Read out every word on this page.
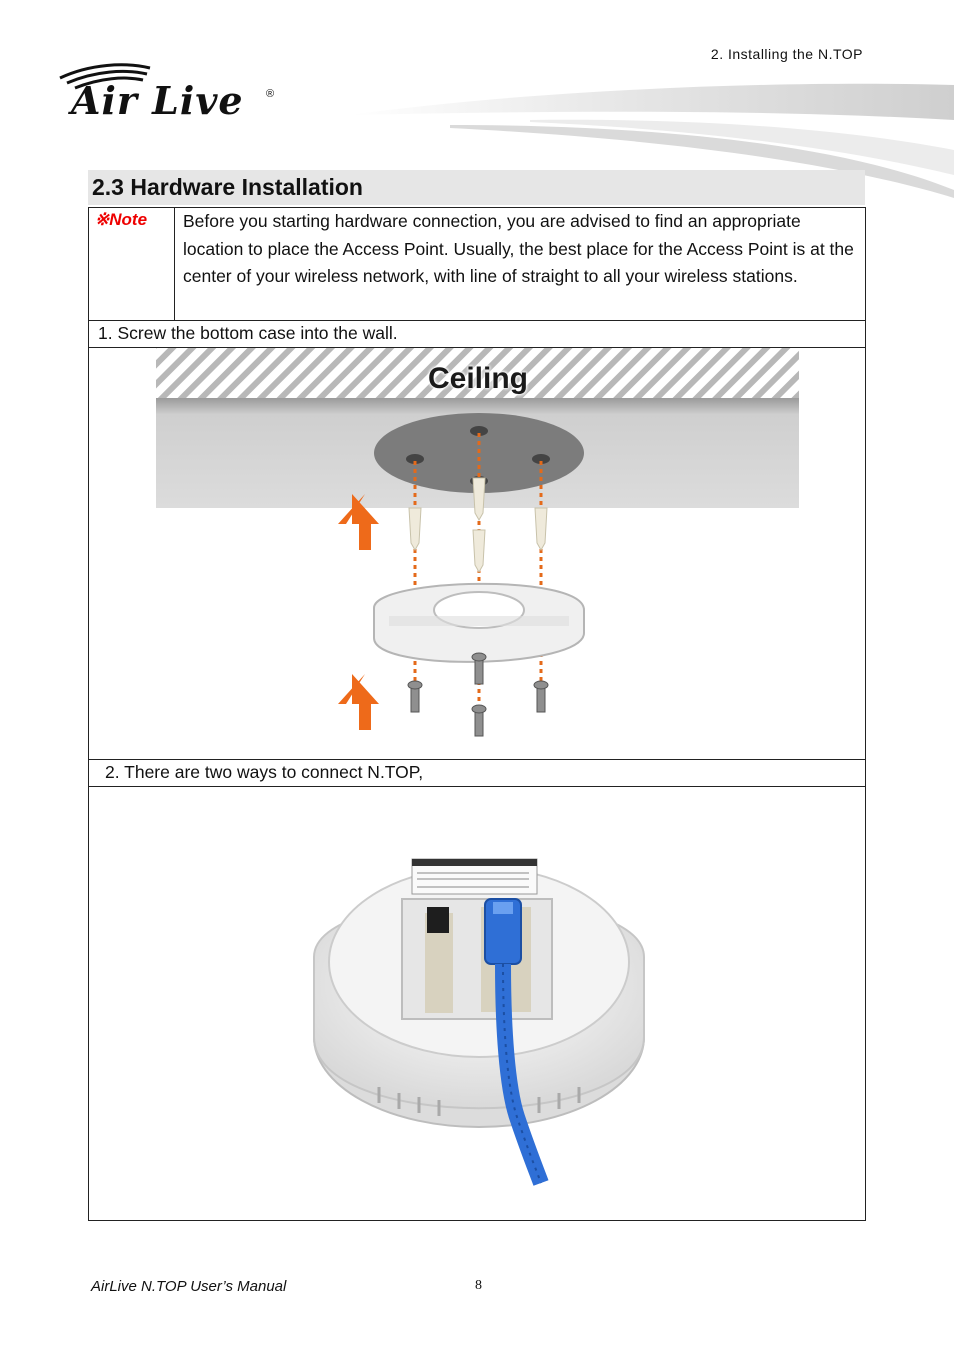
2. Installing the N.TOP
Air Live ®
2.3 Hardware Installation
※Note	Before you starting hardware connection, you are advised to find an appropriate location to place the Access Point. Usually, the best place for the Access Point is at the center of your wireless network, with line of straight to all your wireless stations.
1. Screw the bottom case into the wall.

Ceiling

2. There are two ways to connect N.TOP,

AirLive N.TOP User’s Manual	8
